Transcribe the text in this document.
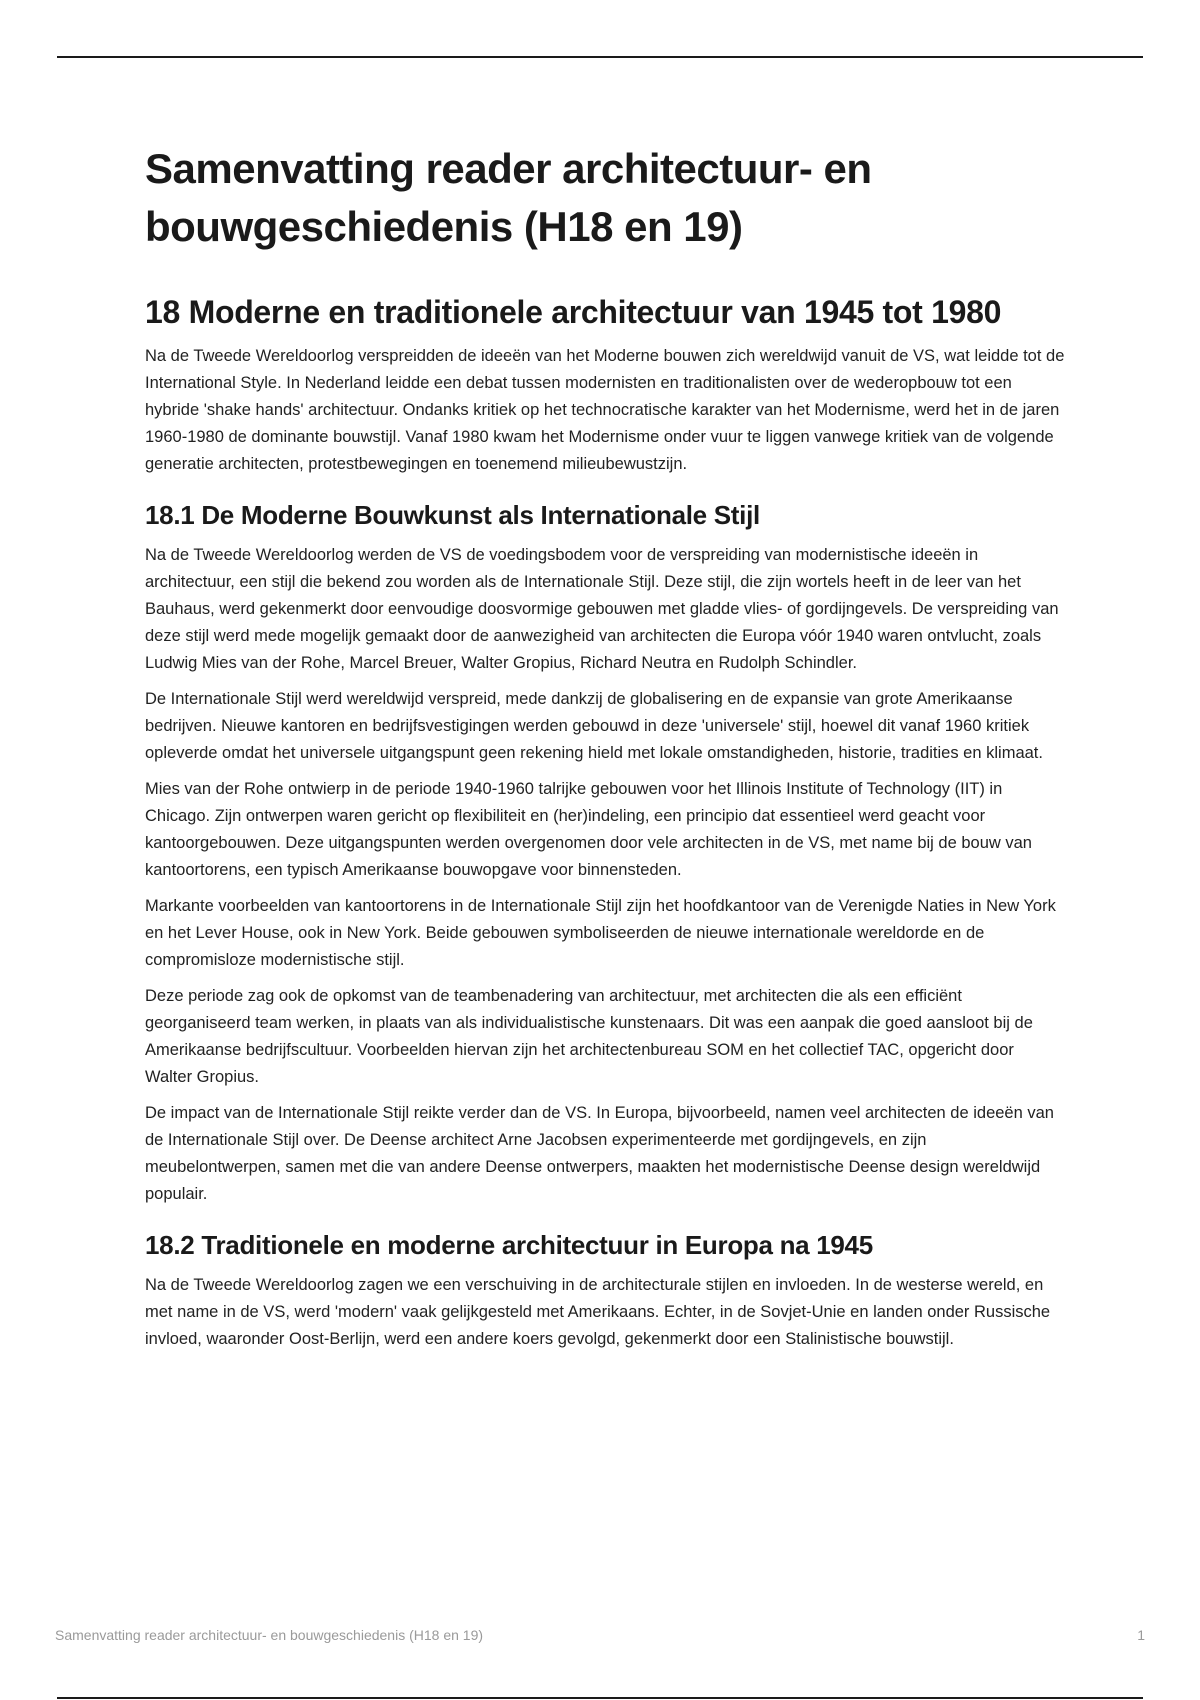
Samenvatting reader architectuur- en bouwgeschiedenis (H18 en 19)
18 Moderne en traditionele architectuur van 1945 tot 1980

Na de Tweede Wereldoorlog verspreidden de ideeën van het Moderne bouwen zich wereldwijd vanuit de VS, wat leidde tot de International Style. In Nederland leidde een debat tussen modernisten en traditionalisten over de wederopbouw tot een hybride 'shake hands' architectuur. Ondanks kritiek op het technocratische karakter van het Modernisme, werd het in de jaren 1960-1980 de dominante bouwstijl. Vanaf 1980 kwam het Modernisme onder vuur te liggen vanwege kritiek van de volgende generatie architecten, protestbewegingen en toenemend milieubewustzijn.

18.1 De Moderne Bouwkunst als Internationale Stijl

Na de Tweede Wereldoorlog werden de VS de voedingsbodem voor de verspreiding van modernistische ideeën in architectuur, een stijl die bekend zou worden als de Internationale Stijl. Deze stijl, die zijn wortels heeft in de leer van het Bauhaus, werd gekenmerkt door eenvoudige doosvormige gebouwen met gladde vlies- of gordijngevels. De verspreiding van deze stijl werd mede mogelijk gemaakt door de aanwezigheid van architecten die Europa vóór 1940 waren ontvlucht, zoals Ludwig Mies van der Rohe, Marcel Breuer, Walter Gropius, Richard Neutra en Rudolph Schindler.

De Internationale Stijl werd wereldwijd verspreid, mede dankzij de globalisering en de expansie van grote Amerikaanse bedrijven. Nieuwe kantoren en bedrijfsvestigingen werden gebouwd in deze 'universele' stijl, hoewel dit vanaf 1960 kritiek opleverde omdat het universele uitgangspunt geen rekening hield met lokale omstandigheden, historie, tradities en klimaat.

Mies van der Rohe ontwierp in de periode 1940-1960 talrijke gebouwen voor het Illinois Institute of Technology (IIT) in Chicago. Zijn ontwerpen waren gericht op flexibiliteit en (her)indeling, een principio dat essentieel werd geacht voor kantoorgebouwen. Deze uitgangspunten werden overgenomen door vele architecten in de VS, met name bij de bouw van kantoortorens, een typisch Amerikaanse bouwopgave voor binnensteden.

Markante voorbeelden van kantoortorens in de Internationale Stijl zijn het hoofdkantoor van de Verenigde Naties in New York en het Lever House, ook in New York. Beide gebouwen symboliseerden de nieuwe internationale wereldorde en de compromisloze modernistische stijl.

Deze periode zag ook de opkomst van de teambenadering van architectuur, met architecten die als een efficiënt georganiseerd team werken, in plaats van als individualistische kunstenaars. Dit was een aanpak die goed aansloot bij de Amerikaanse bedrijfscultuur. Voorbeelden hiervan zijn het architectenbureau SOM en het collectief TAC, opgericht door Walter Gropius.

De impact van de Internationale Stijl reikte verder dan de VS. In Europa, bijvoorbeeld, namen veel architecten de ideeën van de Internationale Stijl over. De Deense architect Arne Jacobsen experimenteerde met gordijngevels, en zijn meubelontwerpen, samen met die van andere Deense ontwerpers, maakten het modernistische Deense design wereldwijd populair.

18.2 Traditionele en moderne architectuur in Europa na 1945

Na de Tweede Wereldoorlog zagen we een verschuiving in de architecturale stijlen en invloeden. In de westerse wereld, en met name in de VS, werd 'modern' vaak gelijkgesteld met Amerikaans. Echter, in de Sovjet-Unie en landen onder Russische invloed, waaronder Oost-Berlijn, werd een andere koers gevolgd, gekenmerkt door een Stalinistische bouwstijl.

Samenvatting reader architectuur- en bouwgeschiedenis (H18 en 19)	1
